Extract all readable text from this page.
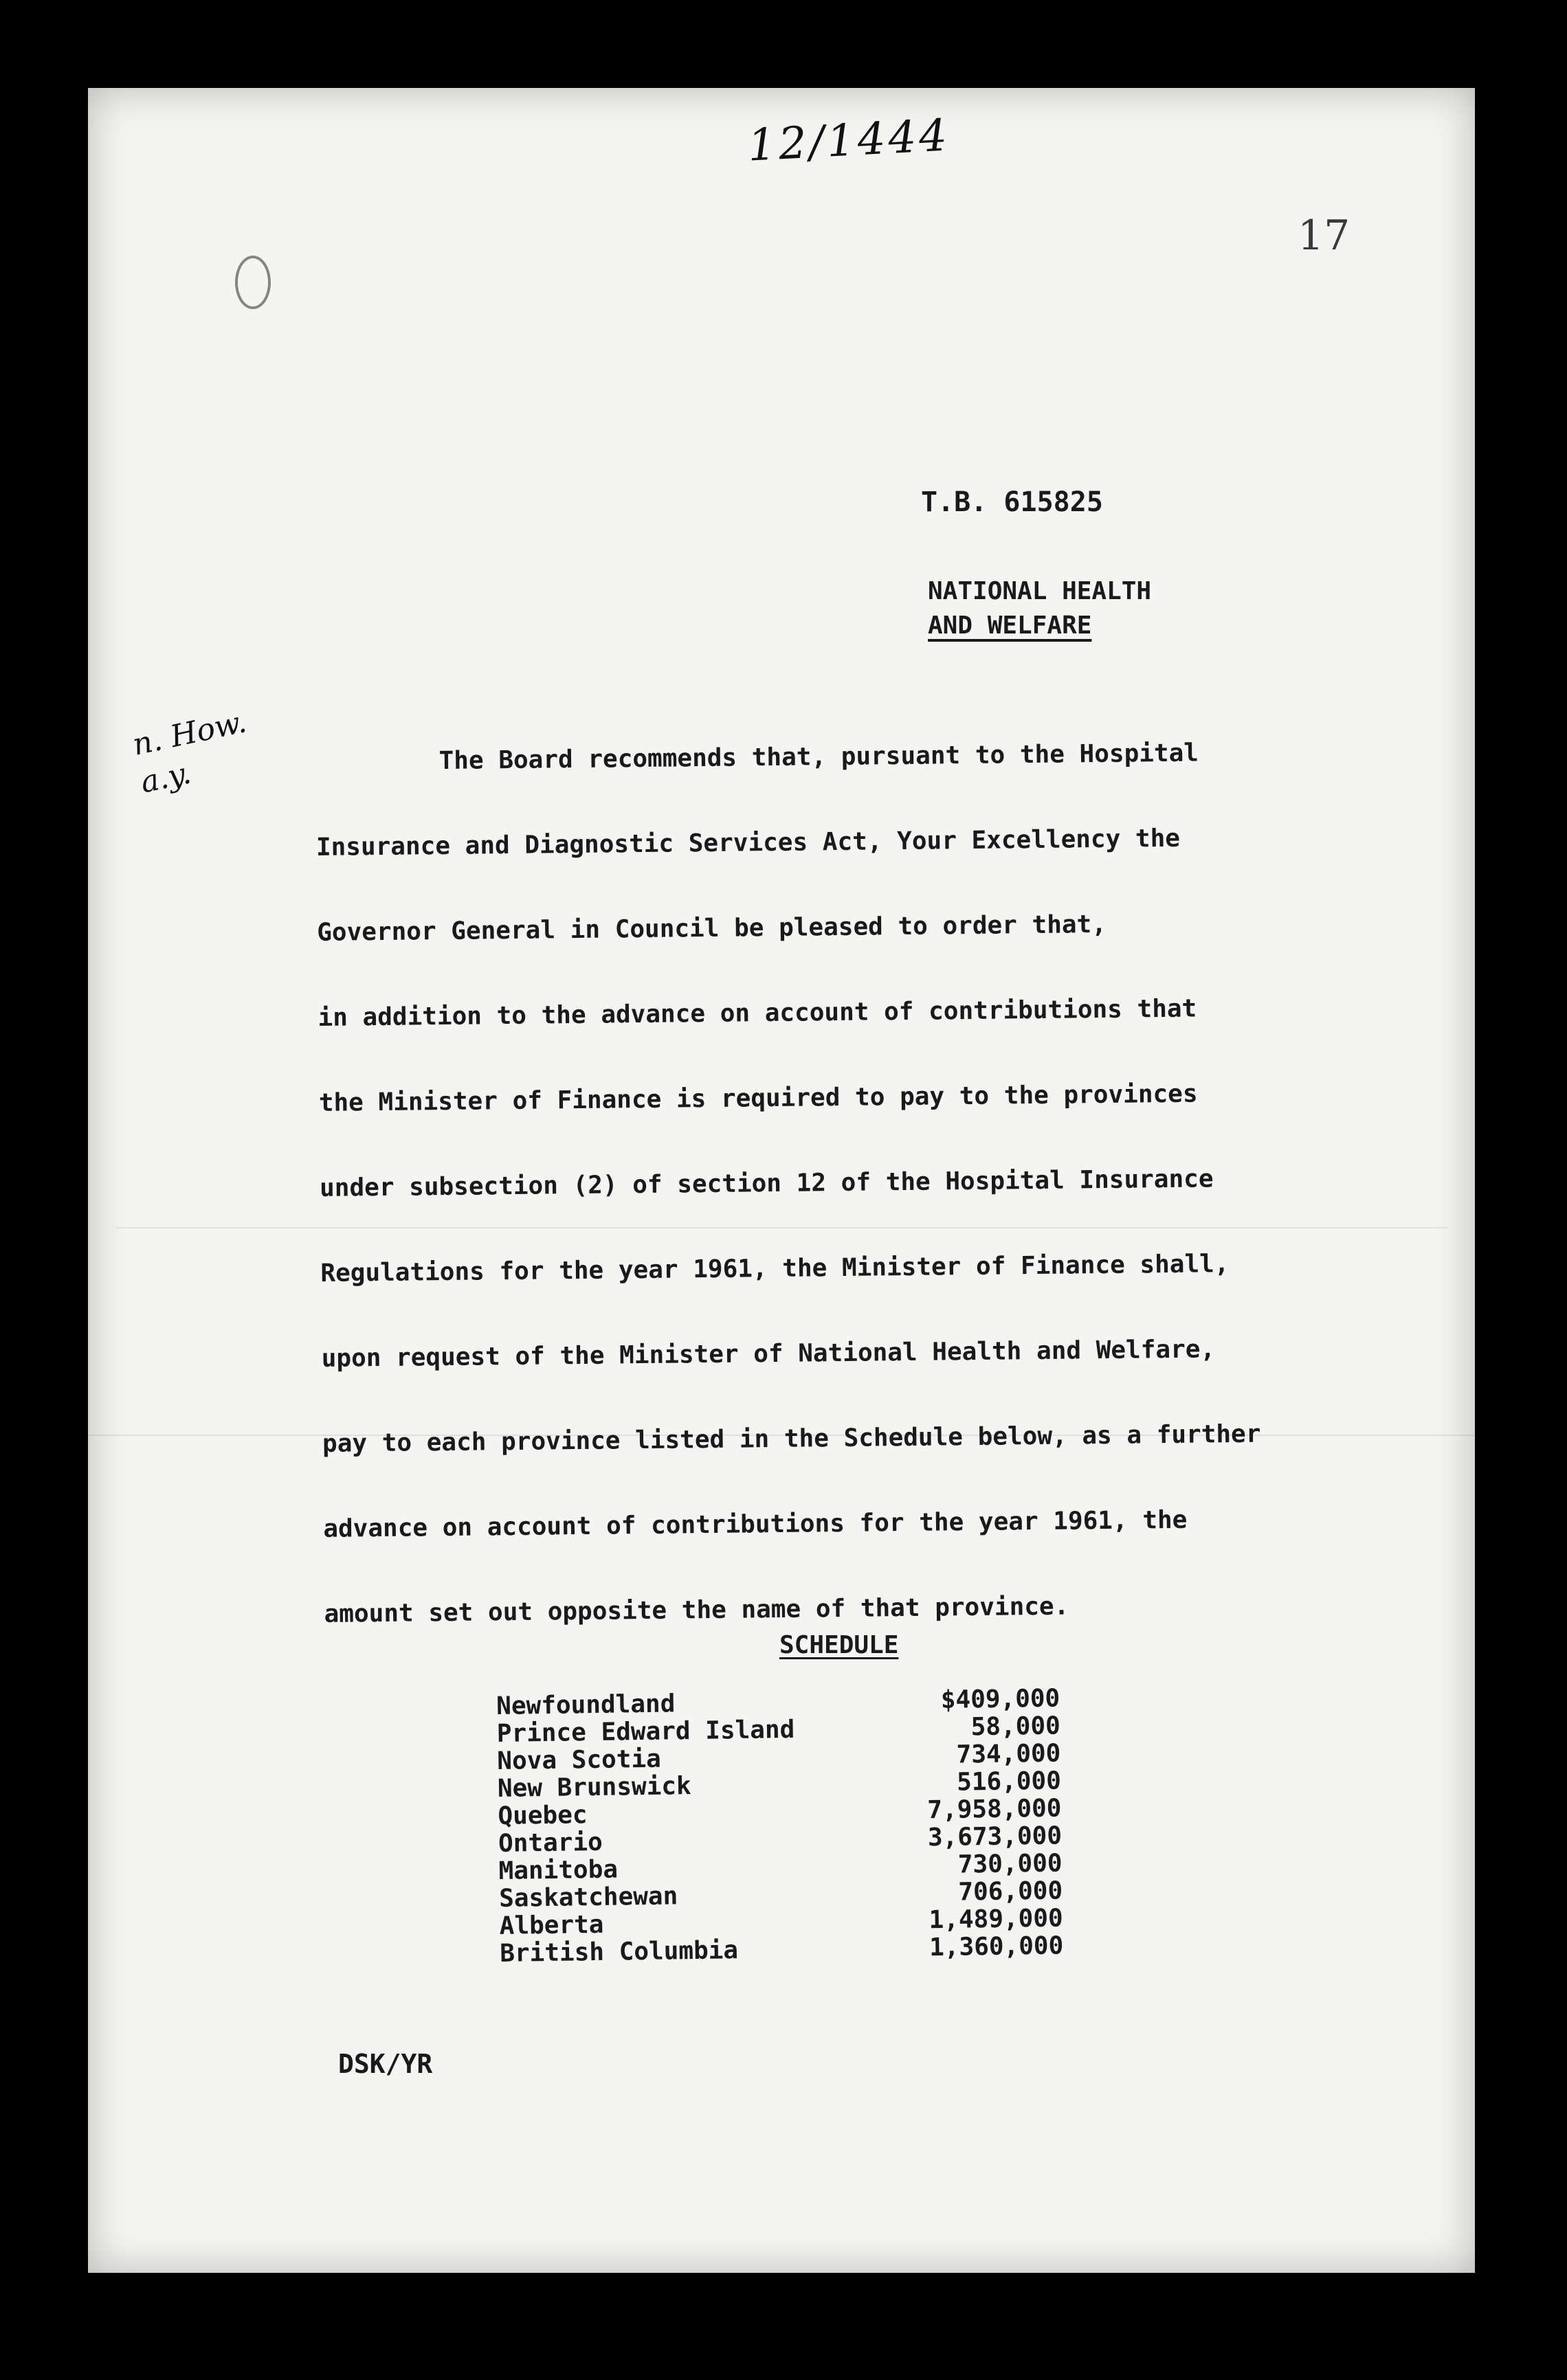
12/1444
17
T.B. 615825
NATIONAL HEALTH
AND WELFARE
n. How.
a.y.	The Board recommends that, pursuant to the Hospital
Insurance and Diagnostic Services Act, Your Excellency the
Governor General in Council be pleased to order that,
in addition to the advance on account of contributions that
the Minister of Finance is required to pay to the provinces
under subsection (2) of section 12 of the Hospital Insurance
Regulations for the year 1961, the Minister of Finance shall,
upon request of the Minister of National Health and Welfare,
pay to each province listed in the Schedule below, as a further
advance on account of contributions for the year 1961, the
amount set out opposite the name of that province.
SCHEDULE
Newfoundland	$409,000
Prince Edward Island	58,000
Nova Scotia	734,000
New Brunswick	516,000
Quebec	7,958,000
Ontario	3,673,000
Manitoba	730,000
Saskatchewan	706,000
Alberta	1,489,000
British Columbia	1,360,000
DSK/YR
